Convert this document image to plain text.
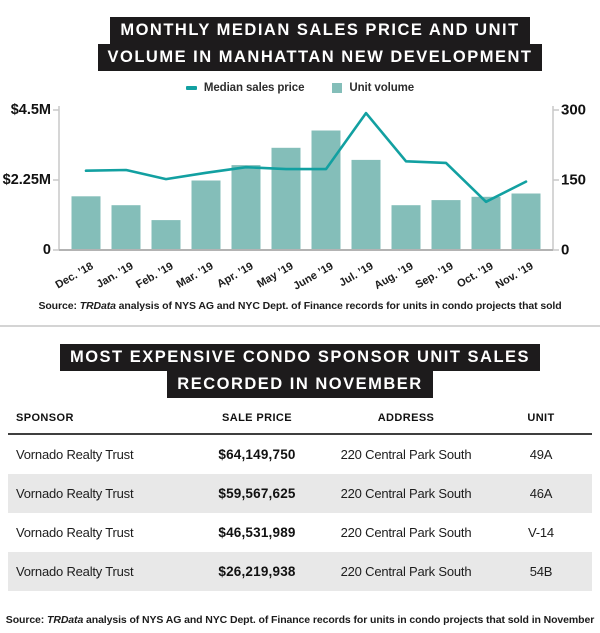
MONTHLY MEDIAN SALES PRICE AND UNIT
VOLUME IN MANHATTAN NEW DEVELOPMENT
Median sales price	Unit volume
$4.5M	300
$2.25M	150
0	0
Dec. ’18 Jan. ’19
Feb. ’19 Mar. ’19 Apr. ’19 May ’19
June ’19 Jul. ’19
Aug. ’19
Sep. ’19 Oct. ’19
Nov. ’19
Source: TRData analysis of NYS AG and NYC Dept. of Finance records for units in condo projects that sold
MOST EXPENSIVE CONDO SPONSOR UNIT SALES
RECORDED IN NOVEMBER
SPONSOR	SALE PRICE	ADDRESS	UNIT
Vornado Realty Trust	$64,149,750	220 Central Park South	49A
Vornado Realty Trust	$59,567,625	220 Central Park South	46A
Vornado Realty Trust	$46,531,989	220 Central Park South	V-14
Vornado Realty Trust	$26,219,938	220 Central Park South	54B
Source: TRData analysis of NYS AG and NYC Dept. of Finance records for units in condo projects that sold in November
